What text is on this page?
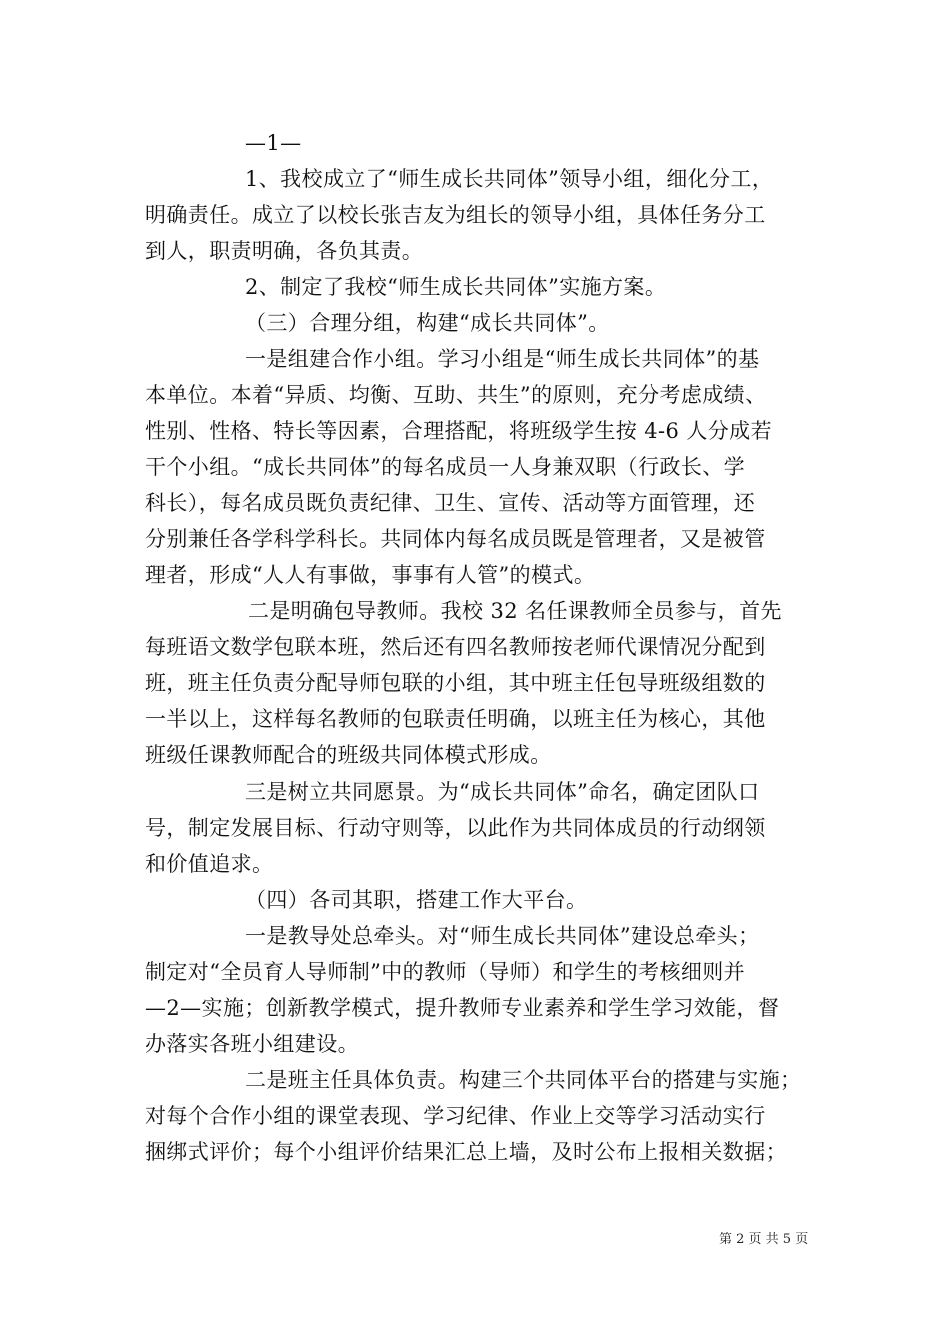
—1—
1、我校成立了“师生成长共同体”领导小组，细化分工，
明确责任。成立了以校长张吉友为组长的领导小组，具体任务分工
到人，职责明确，各负其责。
2、制定了我校“师生成长共同体”实施方案。
（三）合理分组，构建“成长共同体”。
一是组建合作小组。学习小组是“师生成长共同体”的基
本单位。本着“异质、均衡、互助、共生”的原则，充分考虑成绩、
性别、性格、特长等因素，合理搭配，将班级学生按 4-6 人分成若
干个小组。“成长共同体”的每名成员一人身兼双职（行政长、学
科长），每名成员既负责纪律、卫生、宣传、活动等方面管理，还
分别兼任各学科学科长。共同体内每名成员既是管理者，又是被管
理者，形成“人人有事做，事事有人管”的模式。
二是明确包导教师。我校 32 名任课教师全员参与，首先
每班语文数学包联本班，然后还有四名教师按老师代课情况分配到
班，班主任负责分配导师包联的小组，其中班主任包导班级组数的
一半以上，这样每名教师的包联责任明确，以班主任为核心，其他
班级任课教师配合的班级共同体模式形成。
三是树立共同愿景。为“成长共同体”命名，确定团队口
号，制定发展目标、行动守则等，以此作为共同体成员的行动纲领
和价值追求。
（四）各司其职，搭建工作大平台。
一是教导处总牵头。对“师生成长共同体”建设总牵头；
制定对“全员育人导师制”中的教师（导师）和学生的考核细则并
—2—实施；创新教学模式，提升教师专业素养和学生学习效能，督
办落实各班小组建设。
二是班主任具体负责。构建三个共同体平台的搭建与实施；
对每个合作小组的课堂表现、学习纪律、作业上交等学习活动实行
捆绑式评价；每个小组评价结果汇总上墙，及时公布上报相关数据；
第 2 页 共 5 页
